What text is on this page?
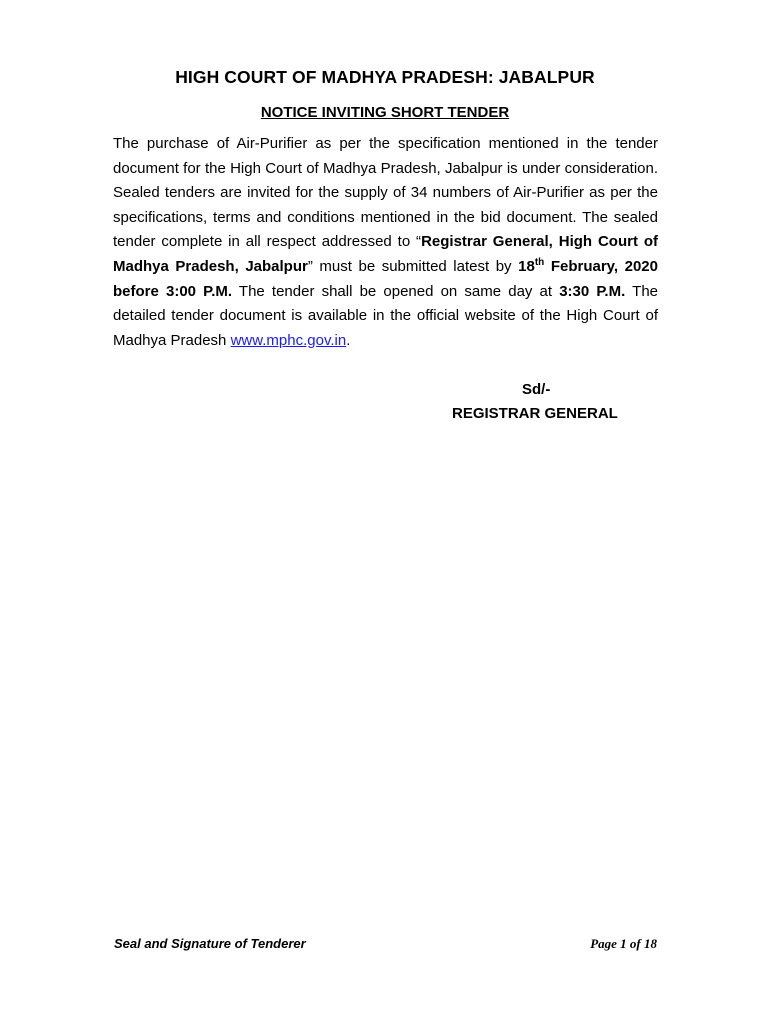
HIGH COURT OF MADHYA PRADESH: JABALPUR
NOTICE INVITING SHORT TENDER
The purchase of Air-Purifier as per the specification mentioned in the tender document for the High Court of Madhya Pradesh, Jabalpur is under consideration. Sealed tenders are invited for the supply of 34 numbers of Air-Purifier as per the specifications, terms and conditions mentioned in the bid document. The sealed tender complete in all respect addressed to “Registrar General, High Court of Madhya Pradesh, Jabalpur” must be submitted latest by 18th February, 2020 before 3:00 P.M. The tender shall be opened on same day at 3:30 P.M. The detailed tender document is available in the official website of the High Court of Madhya Pradesh www.mphc.gov.in.
Sd/-
REGISTRAR GENERAL
Seal and Signature of Tenderer	Page 1 of 18
